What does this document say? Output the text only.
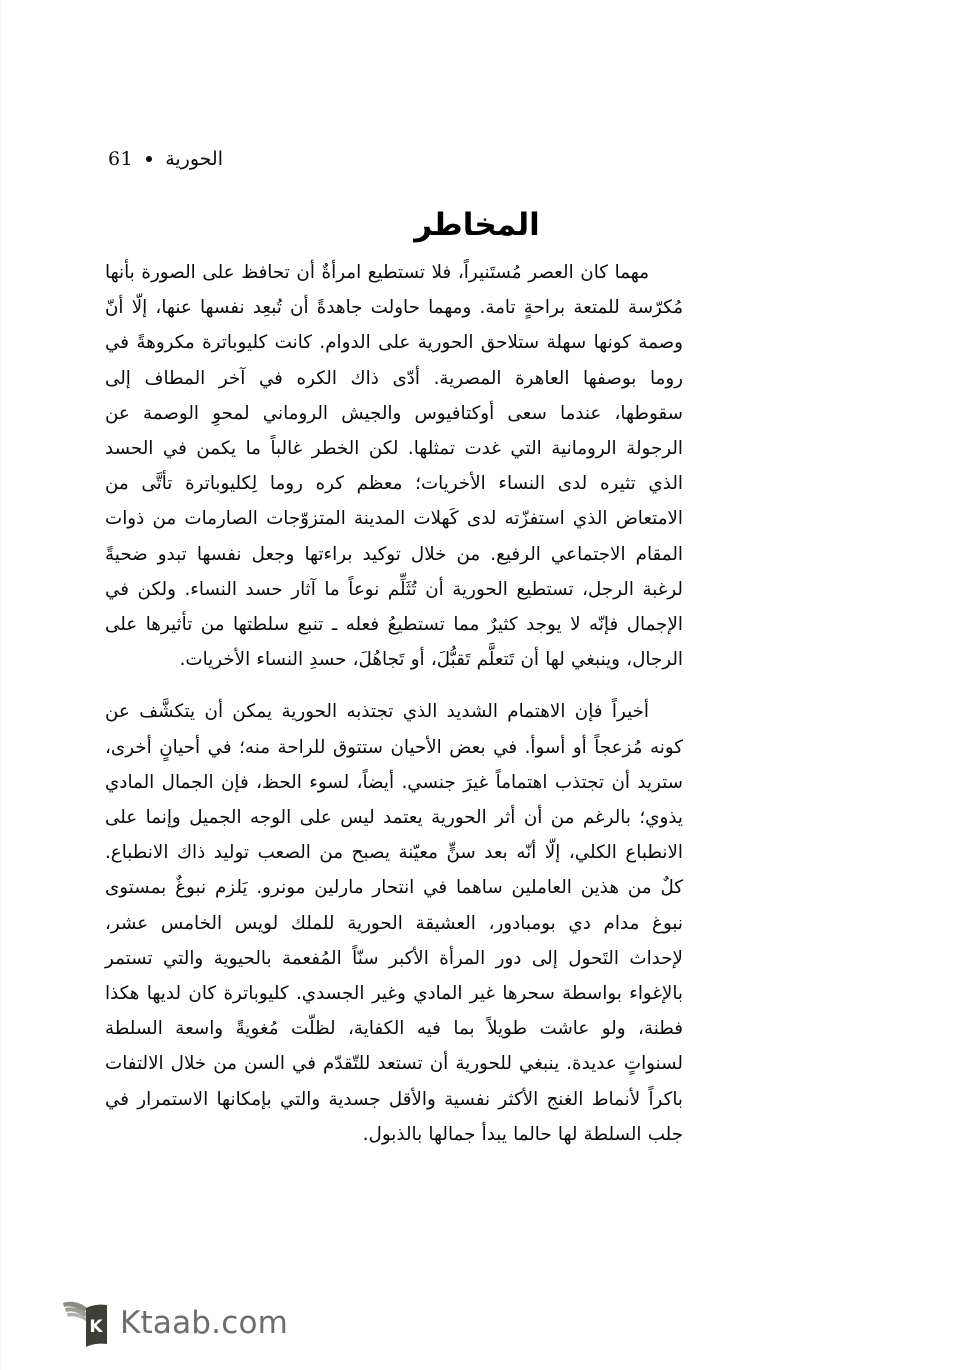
61 الحورية
المخاطر

مهما كان العصر مُستَنيراً، فلا تستطيع امرأةٌ أن تحافظ على الصورة بأنها مُكرّسة للمتعة براحةٍ تامة. ومهما حاولت جاهدةً أن تُبعِد نفسها عنها، إلّا أنّ وصمة كونها سهلة ستلاحق الحورية على الدوام. كانت كليوباترة مكروهةً في روما بوصفها العاهرة المصرية. أدّى ذاك الكره في آخر المطاف إلى سقوطها، عندما سعى أوكتافيوس والجيش الروماني لمحوِ الوصمة عن الرجولة الرومانية التي غدت تمثلها. لكن الخطر غالباً ما يكمن في الحسد الذي تثيره لدى النساء الأخريات؛ معظم كره روما لِكليوباترة تأتَّى من الامتعاض الذي استفزّته لدى كَهلات المدينة المتزوّجات الصارمات من ذوات المقام الاجتماعي الرفيع. من خلال توكيد براءتها وجعل نفسها تبدو ضحيةً لرغبة الرجل، تستطيع الحورية أن تُثَلِّم نوعاً ما آثار حسد النساء. ولكن في الإجمال فإنّه لا يوجد كثيرٌ مما تستطيعُ فعله ـ تنبع سلطتها من تأثيرها على الرجال، وينبغي لها أن تَتعلَّم تَقبُّلَ، أو تَجاهُلَ، حسدِ النساء الأخريات.

أخيراً فإن الاهتمام الشديد الذي تجتذبه الحورية يمكن أن يتكشَّف عن كونه مُزعجاً أو أسوأ. في بعض الأحيان ستتوق للراحة منه؛ في أحيانٍ أخرى، ستريد أن تجتذب اهتماماً غيرَ جنسي. أيضاً، لسوء الحظ، فإن الجمال المادي يذوي؛ بالرغم من أن أثر الحورية يعتمد ليس على الوجه الجميل وإنما على الانطباع الكلي، إلّا أنّه بعد سنٍّ معيّنة يصبح من الصعب توليد ذاك الانطباع. كلٌ من هذين العاملين ساهما في انتحار مارلين مونرو. يَلزم نبوغٌ بمستوى نبوغ مدام دي بومبادور، العشيقة الحورية للملك لويس الخامس عشر، لإحداث التَحول إلى دور المرأة الأكبر سنّاً المُفعمة بالحيوية والتي تستمر بالإغواء بواسطة سحرها غير المادي وغير الجسدي. كليوباترة كان لديها هكذا فطنة، ولو عاشت طويلاً بما فيه الكفاية، لظلّت مُغويةً واسعة السلطة لسنواتٍ عديدة. ينبغي للحورية أن تستعد للتّقدّم في السن من خلال الالتفات باكراً لأنماط الغنج الأكثر نفسية والأقل جسدية والتي بإمكانها الاستمرار في جلب السلطة لها حالما يبدأ جمالها بالذبول.

K Ktaab.com
